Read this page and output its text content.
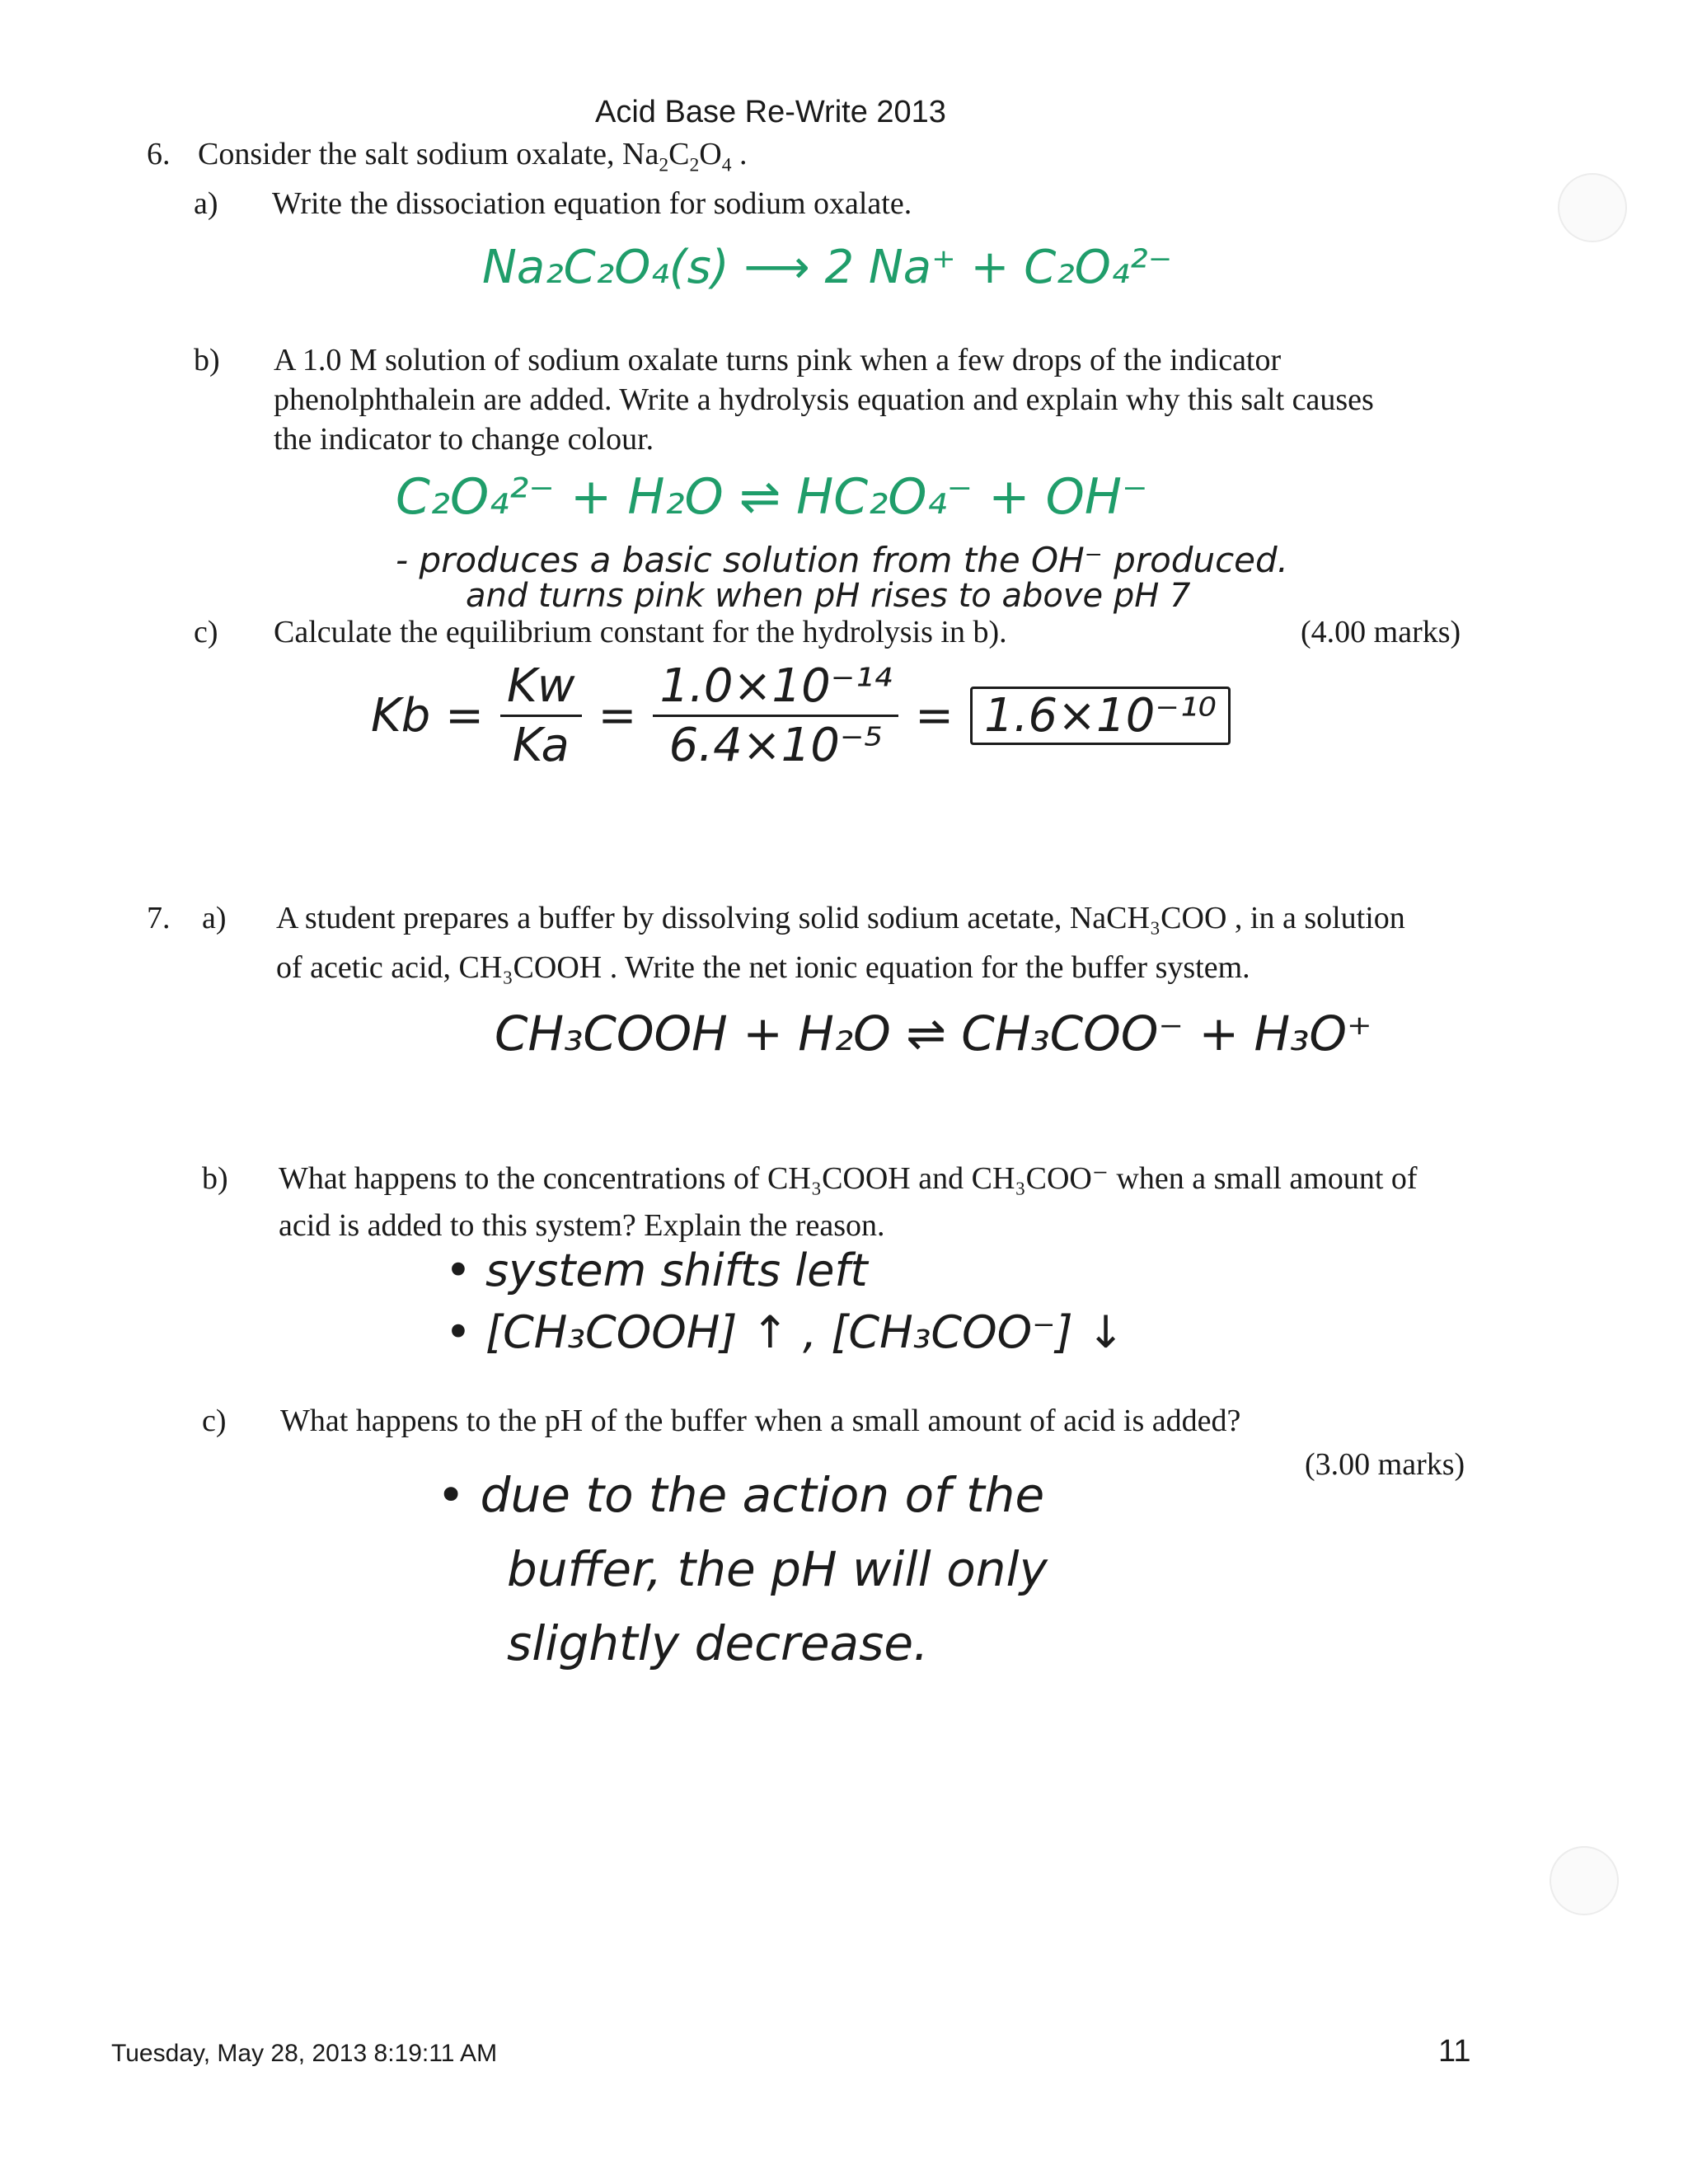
Acid Base Re-Write 2013
6. Consider the salt sodium oxalate, $Na_2C_2O_4$ .
a) Write the dissociation equation for sodium oxalate.
Na₂C₂O₄(s) ⟶ 2 Na⁺ + C₂O₄²⁻
b) A 1.0 M solution of sodium oxalate turns pink when a few drops of the indicator
phenolphthalein are added. Write a hydrolysis equation and explain why this salt causes
the indicator to change colour.
C₂O₄²⁻ + H₂O ⇌ HC₂O₄⁻ + OH⁻
- produces a basic solution from the OH⁻ produced.
and turns pink when pH rises to above pH 7
c) Calculate the equilibrium constant for the hydrolysis in b).	(4.00 marks)
$Kb = \frac{Kw}{Ka} = \frac{\text{1.0×10⁻¹⁴}}{\text{6.4×10⁻⁵}} = 1.6\times 10^{-10}$
7. a) A student prepares a buffer by dissolving solid sodium acetate, NaCH₃COO , in a solution
of acetic acid, CH₃COOH . Write the net ionic equation for the buffer system.
CH₃COOH + H₂O ⇌ CH₃COO⁻ + H₃O⁺
b) What happens to the concentrations of CH₃COOH and CH₃COO⁻ when a small amount of
acid is added to this system? Explain the reason.
• system shifts left
• [CH₃COOH] ↑ , [CH₃COO⁻] ↓
c) What happens to the pH of the buffer when a small amount of acid is added?
(3.00 marks)
• due to the action of the
buffer, the pH will only
slightly decrease.
Tuesday, May 28, 2013 8:19:11 AM	11
